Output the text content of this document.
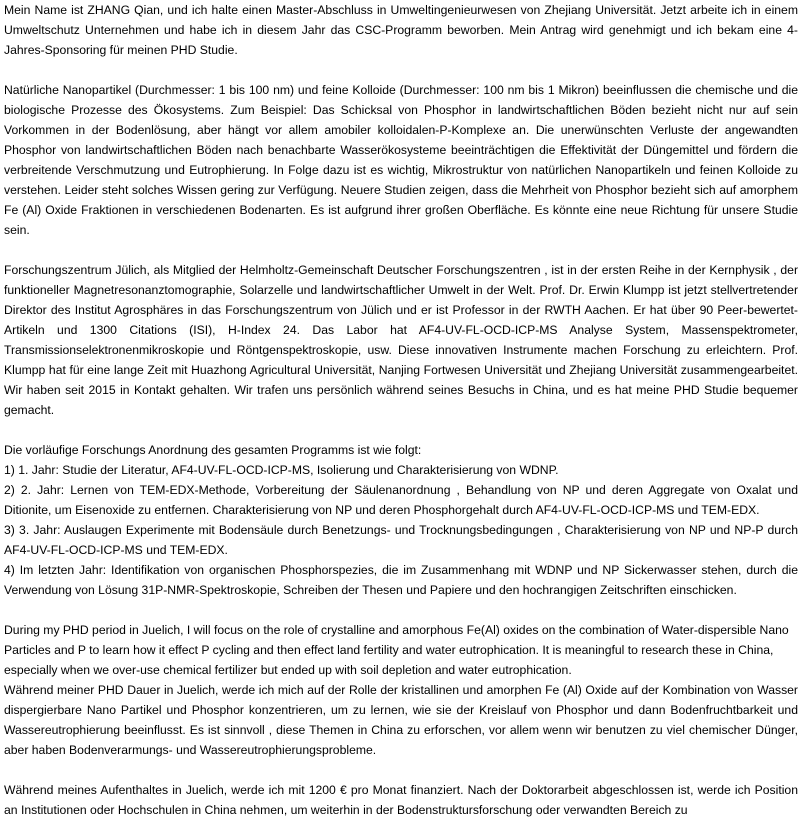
Mein Name ist ZHANG Qian, und ich halte einen Master-Abschluss in Umweltingenieurwesen von Zhejiang Universität. Jetzt arbeite ich in einem Umweltschutz Unternehmen und habe ich in diesem Jahr das CSC-Programm beworben. Mein Antrag wird genehmigt und ich bekam eine 4-Jahres-Sponsoring für meinen PHD Studie.

Natürliche Nanopartikel (Durchmesser: 1 bis 100 nm) und feine Kolloide (Durchmesser: 100 nm bis 1 Mikron) beeinflussen die chemische und die biologische Prozesse des Ökosystems. Zum Beispiel: Das Schicksal von Phosphor in landwirtschaftlichen Böden bezieht nicht nur auf sein Vorkommen in der Bodenlösung, aber hängt vor allem amobiler kolloidalen-P-Komplexe an. Die unerwünschten Verluste der angewandten Phosphor von landwirtschaftlichen Böden nach benachbarte Wasserökosysteme beeinträchtigen die Effektivität der Düngemittel und fördern die verbreitende Verschmutzung und Eutrophierung. In Folge dazu ist es wichtig, Mikrostruktur von natürlichen Nanopartikeln und feinen Kolloide zu verstehen. Leider steht solches Wissen gering zur Verfügung. Neuere Studien zeigen, dass die Mehrheit von Phosphor bezieht sich auf amorphem Fe (Al) Oxide Fraktionen in verschiedenen Bodenarten. Es ist aufgrund ihrer großen Oberfläche. Es könnte eine neue Richtung für unsere Studie sein.

Forschungszentrum Jülich, als Mitglied der Helmholtz-Gemeinschaft Deutscher Forschungszentren , ist in der ersten Reihe in der Kernphysik , der funktioneller Magnetresonanztomographie, Solarzelle und landwirtschaftlicher Umwelt in der Welt. Prof. Dr. Erwin Klumpp ist jetzt stellvertretender Direktor des Institut Agrosphäres in das Forschungszentrum von Jülich und er ist Professor in der RWTH Aachen. Er hat über 90 Peer-bewertet-Artikeln und 1300 Citations (ISI), H-Index 24. Das Labor hat AF4-UV-FL-OCD-ICP-MS Analyse System, Massenspektrometer, Transmissionselektronenmikroskopie und Röntgenspektroskopie, usw. Diese innovativen Instrumente machen Forschung zu erleichtern. Prof. Klumpp hat für eine lange Zeit mit Huazhong Agricultural Universität, Nanjing Fortwesen Universität und Zhejiang Universität zusammengearbeitet. Wir haben seit 2015 in Kontakt gehalten. Wir trafen uns persönlich während seines Besuchs in China, und es hat meine PHD Studie bequemer gemacht.

Die vorläufige Forschungs Anordnung des gesamten Programms ist wie folgt:
1) 1. Jahr: Studie der Literatur, AF4-UV-FL-OCD-ICP-MS, Isolierung und Charakterisierung von WDNP.
2) 2. Jahr: Lernen von TEM-EDX-Methode, Vorbereitung der Säulenanordnung , Behandlung von NP und deren Aggregate von Oxalat und Ditionite, um Eisenoxide zu entfernen. Charakterisierung von NP und deren Phosphorgehalt durch AF4-UV-FL-OCD-ICP-MS und TEM-EDX.
3) 3. Jahr: Auslaugen Experimente mit Bodensäule durch Benetzungs- und Trocknungsbedingungen , Charakterisierung von NP und NP-P durch AF4-UV-FL-OCD-ICP-MS und TEM-EDX.
4) Im letzten Jahr: Identifikation von organischen Phosphorspezies, die im Zusammenhang mit WDNP und NP Sickerwasser stehen, durch die Verwendung von Lösung 31P-NMR-Spektroskopie, Schreiben der Thesen und Papiere und den hochrangigen Zeitschriften einschicken.

During my PHD period in Juelich, I will focus on the role of crystalline and amorphous Fe(Al) oxides on the combination of Water-dispersible Nano Particles and P to learn how it effect P cycling and then effect land fertility and water eutrophication. It is meaningful to research these in China, especially when we over-use chemical fertilizer but ended up with soil depletion and water eutrophication.

Während meiner PHD Dauer in Juelich, werde ich mich auf der Rolle der kristallinen und amorphen Fe (Al) Oxide auf der Kombination von Wasser dispergierbare Nano Partikel und Phosphor konzentrieren, um zu lernen, wie sie der Kreislauf von Phosphor und dann Bodenfruchtbarkeit und Wassereutrophierung beeinflusst. Es ist sinnvoll , diese Themen in China zu erforschen, vor allem wenn wir benutzen zu viel chemischer Dünger, aber haben Bodenverarmungs- und Wassereutrophierungsprobleme.

Während meines Aufenthaltes in Juelich, werde ich mit 1200 € pro Monat finanziert. Nach der Doktorarbeit abgeschlossen ist, werde ich Position an Institutionen oder Hochschulen in China nehmen, um weiterhin in der Bodenstruktursforschung oder verwandten Bereich zu
